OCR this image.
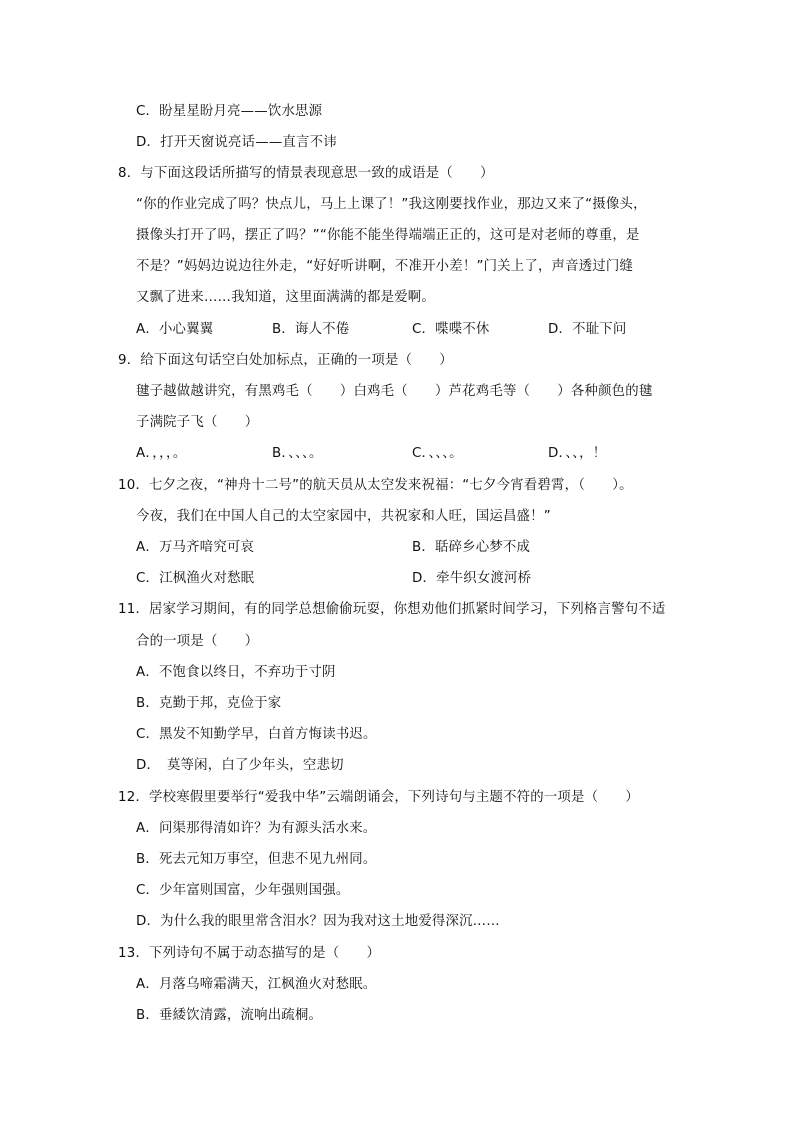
C．盼星星盼月亮——饮水思源
D．打开天窗说亮话——直言不讳
8．与下面这段话所描写的情景表现意思一致的成语是（　　）
“你的作业完成了吗？快点儿，马上上课了！”我这刚要找作业，那边又来了“摄像头，
摄像头打开了吗，摆正了吗？”“你能不能坐得端端正正的，这可是对老师的尊重，是
不是？”妈妈边说边往外走，“好好听讲啊，不准开小差！”门关上了，声音透过门缝
又飘了进来……我知道，这里面满满的都是爱啊。
A．小心翼翼	B．诲人不倦	C．喋喋不休	D．不耻下问
9．给下面这句话空白处加标点，正确的一项是（　　）
毽子越做越讲究，有黑鸡毛（　　）白鸡毛（　　）芦花鸡毛等（　　）各种颜色的毽
子满院子飞（　　）
A．，，，。	B．、、、。	C．、、、。	D．、、，！
10．七夕之夜，“神舟十二号”的航天员从太空发来祝福：“七夕今宵看碧霄，（　　）。
今夜，我们在中国人自己的太空家园中，共祝家和人旺，国运昌盛！”
A．万马齐喑究可哀	B．聒碎乡心梦不成
C．江枫渔火对愁眠	D．牵牛织女渡河桥
11．居家学习期间，有的同学总想偷偷玩耍，你想劝他们抓紧时间学习，下列格言警句不适
合的一项是（　　）
A．不饱食以终日，不弃功于寸阴
B．克勤于邦，克俭于家
C．黑发不知勤学早，白首方悔读书迟。
D．　莫等闲，白了少年头，空悲切
12．学校寒假里要举行“爱我中华”云端朗诵会，下列诗句与主题不符的一项是（　　）
A．问渠那得清如许？为有源头活水来。
B．死去元知万事空，但悲不见九州同。
C．少年富则国富，少年强则国强。
D．为什么我的眼里常含泪水？因为我对这土地爱得深沉……
13．下列诗句不属于动态描写的是（　　）
A．月落乌啼霜满天，江枫渔火对愁眠。
B．垂緌饮清露，流响出疏桐。
